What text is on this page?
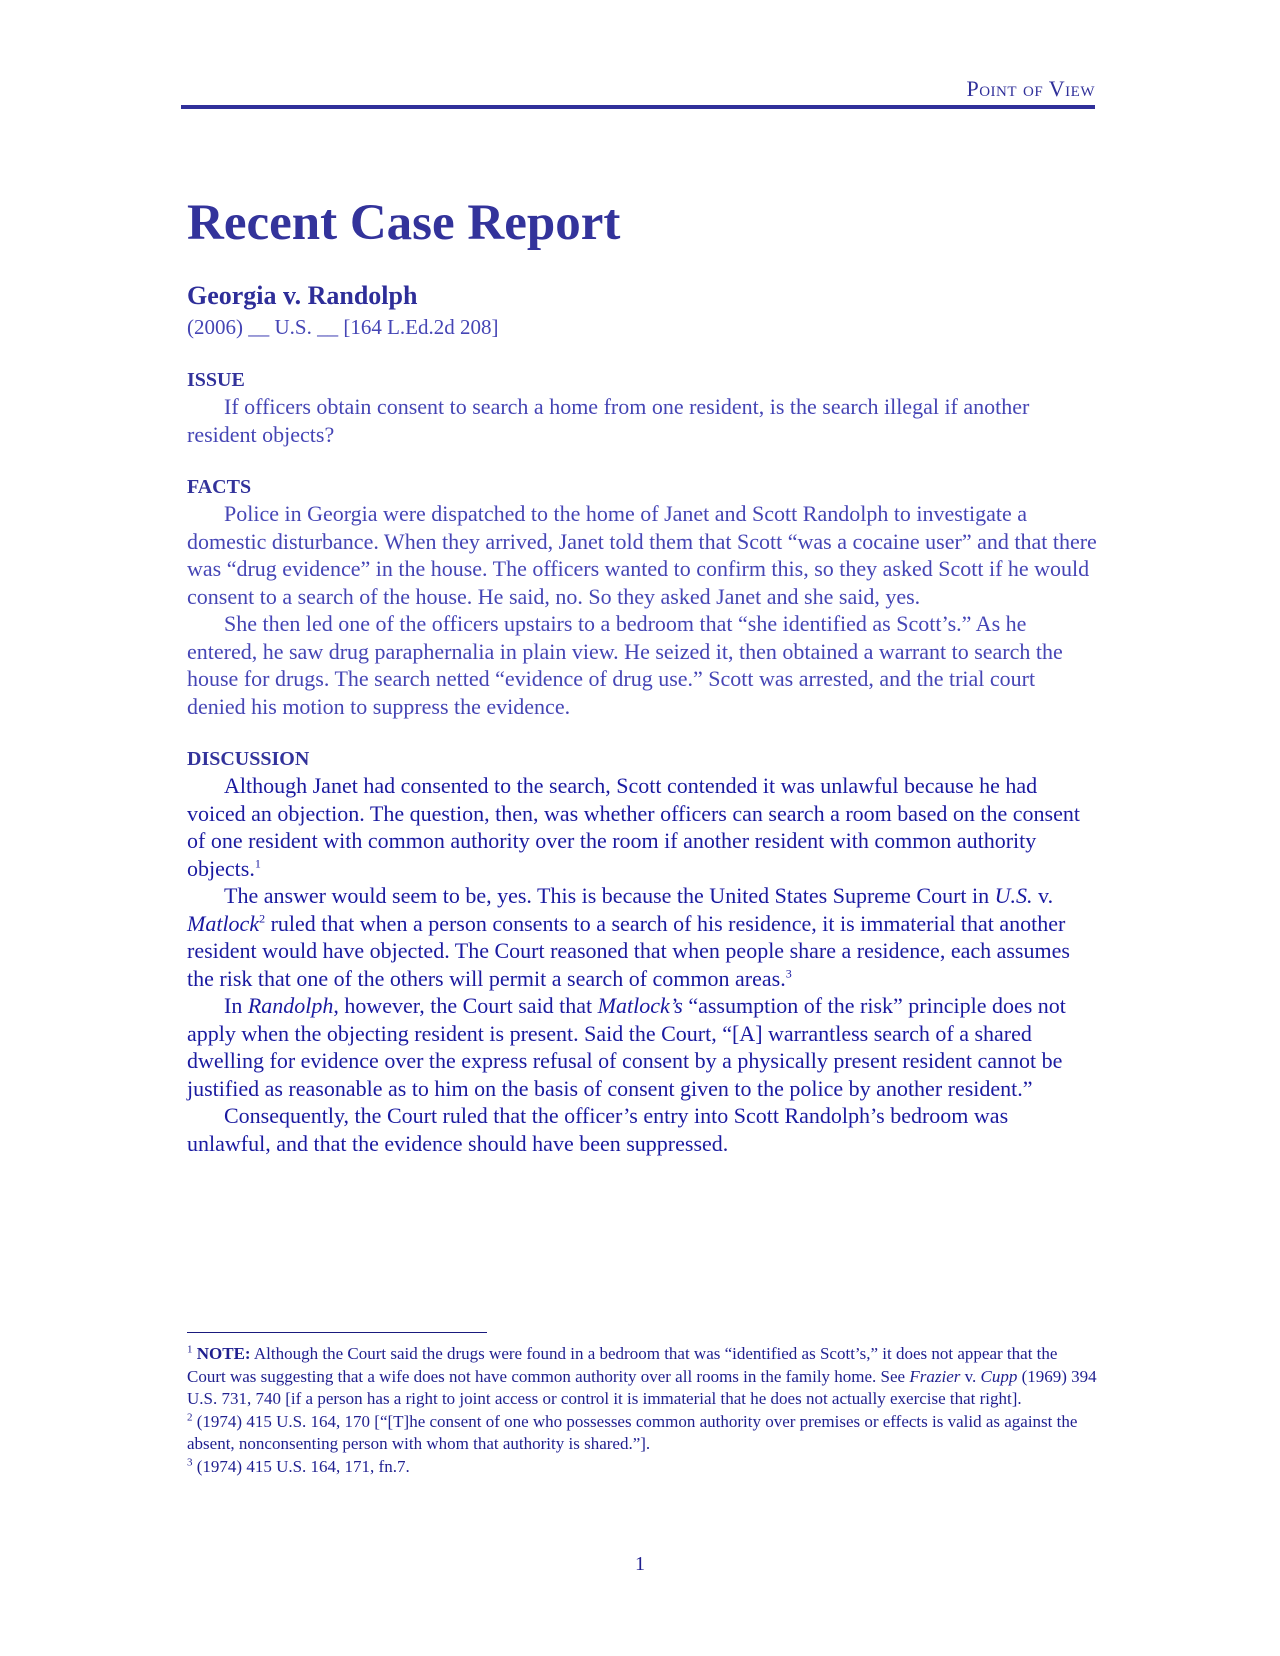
Point of View
Recent Case Report
Georgia v. Randolph
(2006) __ U.S. __ [164 L.Ed.2d 208]
ISSUE

If officers obtain consent to search a home from one resident, is the search illegal if another resident objects?

FACTS

Police in Georgia were dispatched to the home of Janet and Scott Randolph to investigate a domestic disturbance. When they arrived, Janet told them that Scott “was a cocaine user” and that there was “drug evidence” in the house. The officers wanted to confirm this, so they asked Scott if he would consent to a search of the house. He said, no. So they asked Janet and she said, yes.

She then led one of the officers upstairs to a bedroom that “she identified as Scott’s.” As he entered, he saw drug paraphernalia in plain view. He seized it, then obtained a warrant to search the house for drugs. The search netted “evidence of drug use.” Scott was arrested, and the trial court denied his motion to suppress the evidence.

DISCUSSION

Although Janet had consented to the search, Scott contended it was unlawful because he had voiced an objection. The question, then, was whether officers can search a room based on the consent of one resident with common authority over the room if another resident with common authority objects.$^1$

The answer would seem to be, yes. This is because the United States Supreme Court in U.S. v. Matlock$^2$ ruled that when a person consents to a search of his residence, it is immaterial that another resident would have objected. The Court reasoned that when people share a residence, each assumes the risk that one of the others will permit a search of common areas.$^3$

In Randolph, however, the Court said that Matlock’s “assumption of the risk” principle does not apply when the objecting resident is present. Said the Court, “[A] warrantless search of a shared dwelling for evidence over the express refusal of consent by a physically present resident cannot be justified as reasonable as to him on the basis of consent given to the police by another resident.”

Consequently, the Court ruled that the officer’s entry into Scott Randolph’s bedroom was unlawful, and that the evidence should have been suppressed.

$^1$ NOTE: Although the Court said the drugs were found in a bedroom that was “identified as Scott’s,” it does not appear that the Court was suggesting that a wife does not have common authority over all rooms in the family home. See Frazier v. Cupp (1969) 394 U.S. 731, 740 [if a person has a right to joint access or control it is immaterial that he does not actually exercise that right].

$^2$ (1974) 415 U.S. 164, 170 [“[T]he consent of one who possesses common authority over premises or effects is valid as against the absent, nonconsenting person with whom that authority is shared.”].

$^3$ (1974) 415 U.S. 164, 171, fn.7.

1
